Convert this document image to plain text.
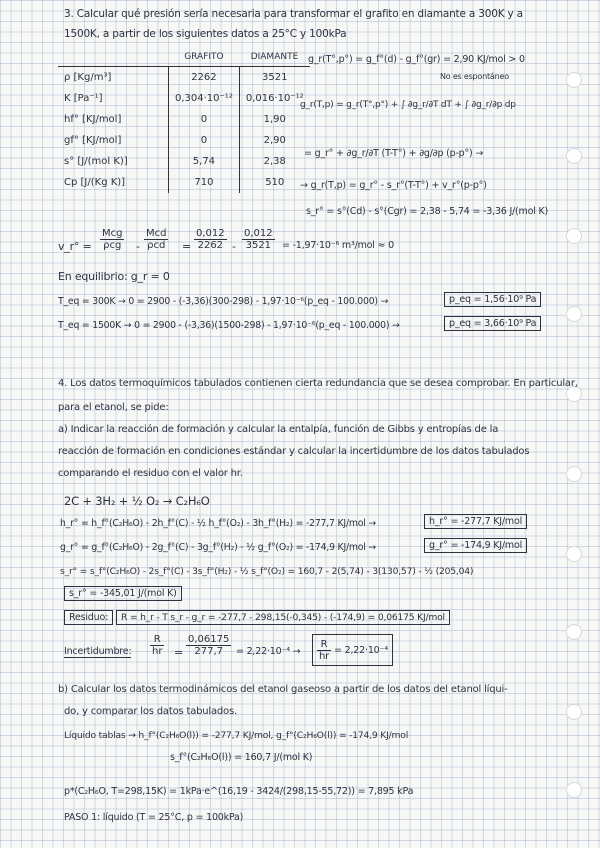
3. Calcular qué presión sería necesaria para transformar el grafito en diamante a 300K y a
1500K, a partir de los siguientes datos a 25°C y 100kPa
	GRAFITO	DIAMANTE
ρ [Kg/m³]	2262	3521
K [Pa⁻¹]	0,304·10⁻¹²	0,016·10⁻¹²
hf° [KJ/mol]	0	1,90
gf° [KJ/mol]	0	2,90
s° [J/(mol K)]	5,74	2,38
Cp [J/(Kg K)]	710	510
g_r(T°,p°) = g_f°(d) - g_f°(gr) = 2,90 KJ/mol > 0
No es espontáneo
g_r(T,p) = g_r(T°,p°) + ∫ ∂g_r/∂T dT + ∫ ∂g_r/∂p dp
= g_r° + ∂g_r/∂T (T-T°) + ∂g/∂p (p-p°) →
→ g_r(T,p) = g_r° - s_r°(T-T°) + v_r°(p-p°)
s_r° = s°(Cd) - s°(Cgr) = 2,38 - 5,74 = -3,36 J/(mol K)
v_r° =
Mcg
ρcg -
Mcd
$\rho cd = \frac{0,012}{2262} - \frac{0,012}{3521} = -1,97\cdot 10^{-6}$ m³/mol ≈ 0
En equilibrio: g_r = 0
T_eq = 300K → 0 = 2900 - (-3,36)(300-298) - 1,97·10⁻⁶(p_eq - 100.000) →	p_eq = 1,56·10⁹ Pa
T_eq = 1500K → 0 = 2900 - (-3,36)(1500-298) - 1,97·10⁻⁶(p_eq - 100.000) →	p_eq = 3,66·10⁹ Pa
4. Los datos termoquímicos tabulados contienen cierta redundancia que se desea comprobar. En particular,
para el etanol, se pide:
a) Indicar la reacción de formación y calcular la entalpía, función de Gibbs y entropías de la
reacción de formación en condiciones estándar y calcular la incertidumbre de los datos tabulados
comparando el residuo con el valor hr.
2C + 3H₂ + ½ O₂ → C₂H₆O
h_r° = h_f°(C₂H₆O) - 2h_f°(C) - ½ h_f°(O₂) - 3h_f°(H₂) = -277,7 KJ/mol →	h_r° = -277,7 KJ/mol
g_r° = g_f°(C₂H₆O) - 2g_f°(C) - 3g_f°(H₂) - ½ g_f°(O₂) = -174,9 KJ/mol →	g_r° = -174,9 KJ/mol
s_r° = s_f°(C₂H₆O) - 2s_f°(C) - 3s_f°(H₂) - ½ s_f°(O₂) = 160,7 - 2(5,74) - 3(130,57) - ½ (205,04)
s_r° = -345,01 J/(mol K)
Residuo:	R = h_r - T s_r - g_r = -277,7 - 298,15(-0,345) - (-174,9) = 0,06175 KJ/mol
Incertidumbre: $\frac{R}{hr} = \frac{0,06175}{277,7} = 2,22\cdot 10^{-4} \to \frac{R}{hr} = 2,22\cdot 10^{-4}$
b) Calcular los datos termodinámicos del etanol gaseoso a partir de los datos del etanol líqui-
do, y comparar los datos tabulados.
Líquido tablas → h_f°(C₂H₆O(l)) = -277,7 KJ/mol, g_f°(C₂H₆O(l)) = -174,9 KJ/mol
s_f°(C₂H₆O(l)) = 160,7 J/(mol K)
p*(C₂H₆O, T=298,15K) = 1kPa·e^(16,19 - 3424/(298,15-55,72)) = 7,895 kPa
PASO 1: líquido (T = 25°C, p = 100kPa)
